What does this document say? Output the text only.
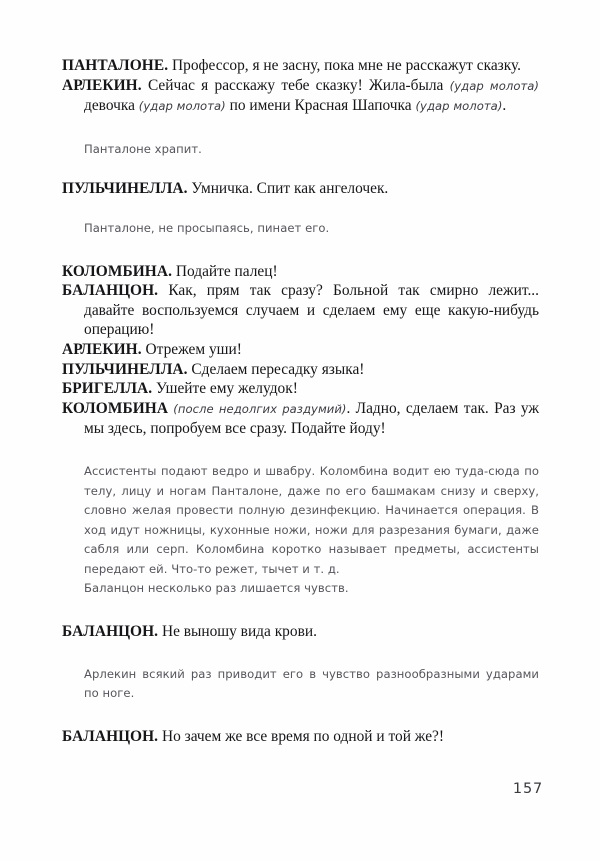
ПАНТАЛОНЕ. Профессор, я не засну, пока мне не расскажут сказку.

АРЛЕКИН. Сейчас я расскажу тебе сказку! Жила-была (удар молота) девочка (удар молота) по имени Красная Шапочка (удар молота).

Панталоне храпит.

ПУЛЬЧИНЕЛЛА. Умничка. Спит как ангелочек.

Панталоне, не просыпаясь, пинает его.

КОЛОМБИНА. Подайте палец!

БАЛАНЦОН. Как, прям так сразу? Больной так смирно лежит... давайте воспользуемся случаем и сделаем ему еще какую-нибудь операцию!

АРЛЕКИН. Отрежем уши!

ПУЛЬЧИНЕЛЛА. Сделаем пересадку языка!

БРИГЕЛЛА. Ушейте ему желудок!

КОЛОМБИНА (после недолгих раздумий). Ладно, сделаем так. Раз уж мы здесь, попробуем все сразу. Подайте йоду!

Ассистенты подают ведро и швабру. Коломбина водит ею туда-сюда по телу, лицу и ногам Панталоне, даже по его башмакам снизу и сверху, словно желая провести полную дезинфекцию. Начинается операция. В ход идут ножницы, кухонные ножи, ножи для разрезания бумаги, даже сабля или серп. Коломбина коротко называет предметы, ассистенты передают ей. Что-то режет, тычет и т. д.

Баланцон несколько раз лишается чувств.

БАЛАНЦОН. Не выношу вида крови.

Арлекин всякий раз приводит его в чувство разнообразными ударами по ноге.

БАЛАНЦОН. Но зачем же все время по одной и той же?!

157
